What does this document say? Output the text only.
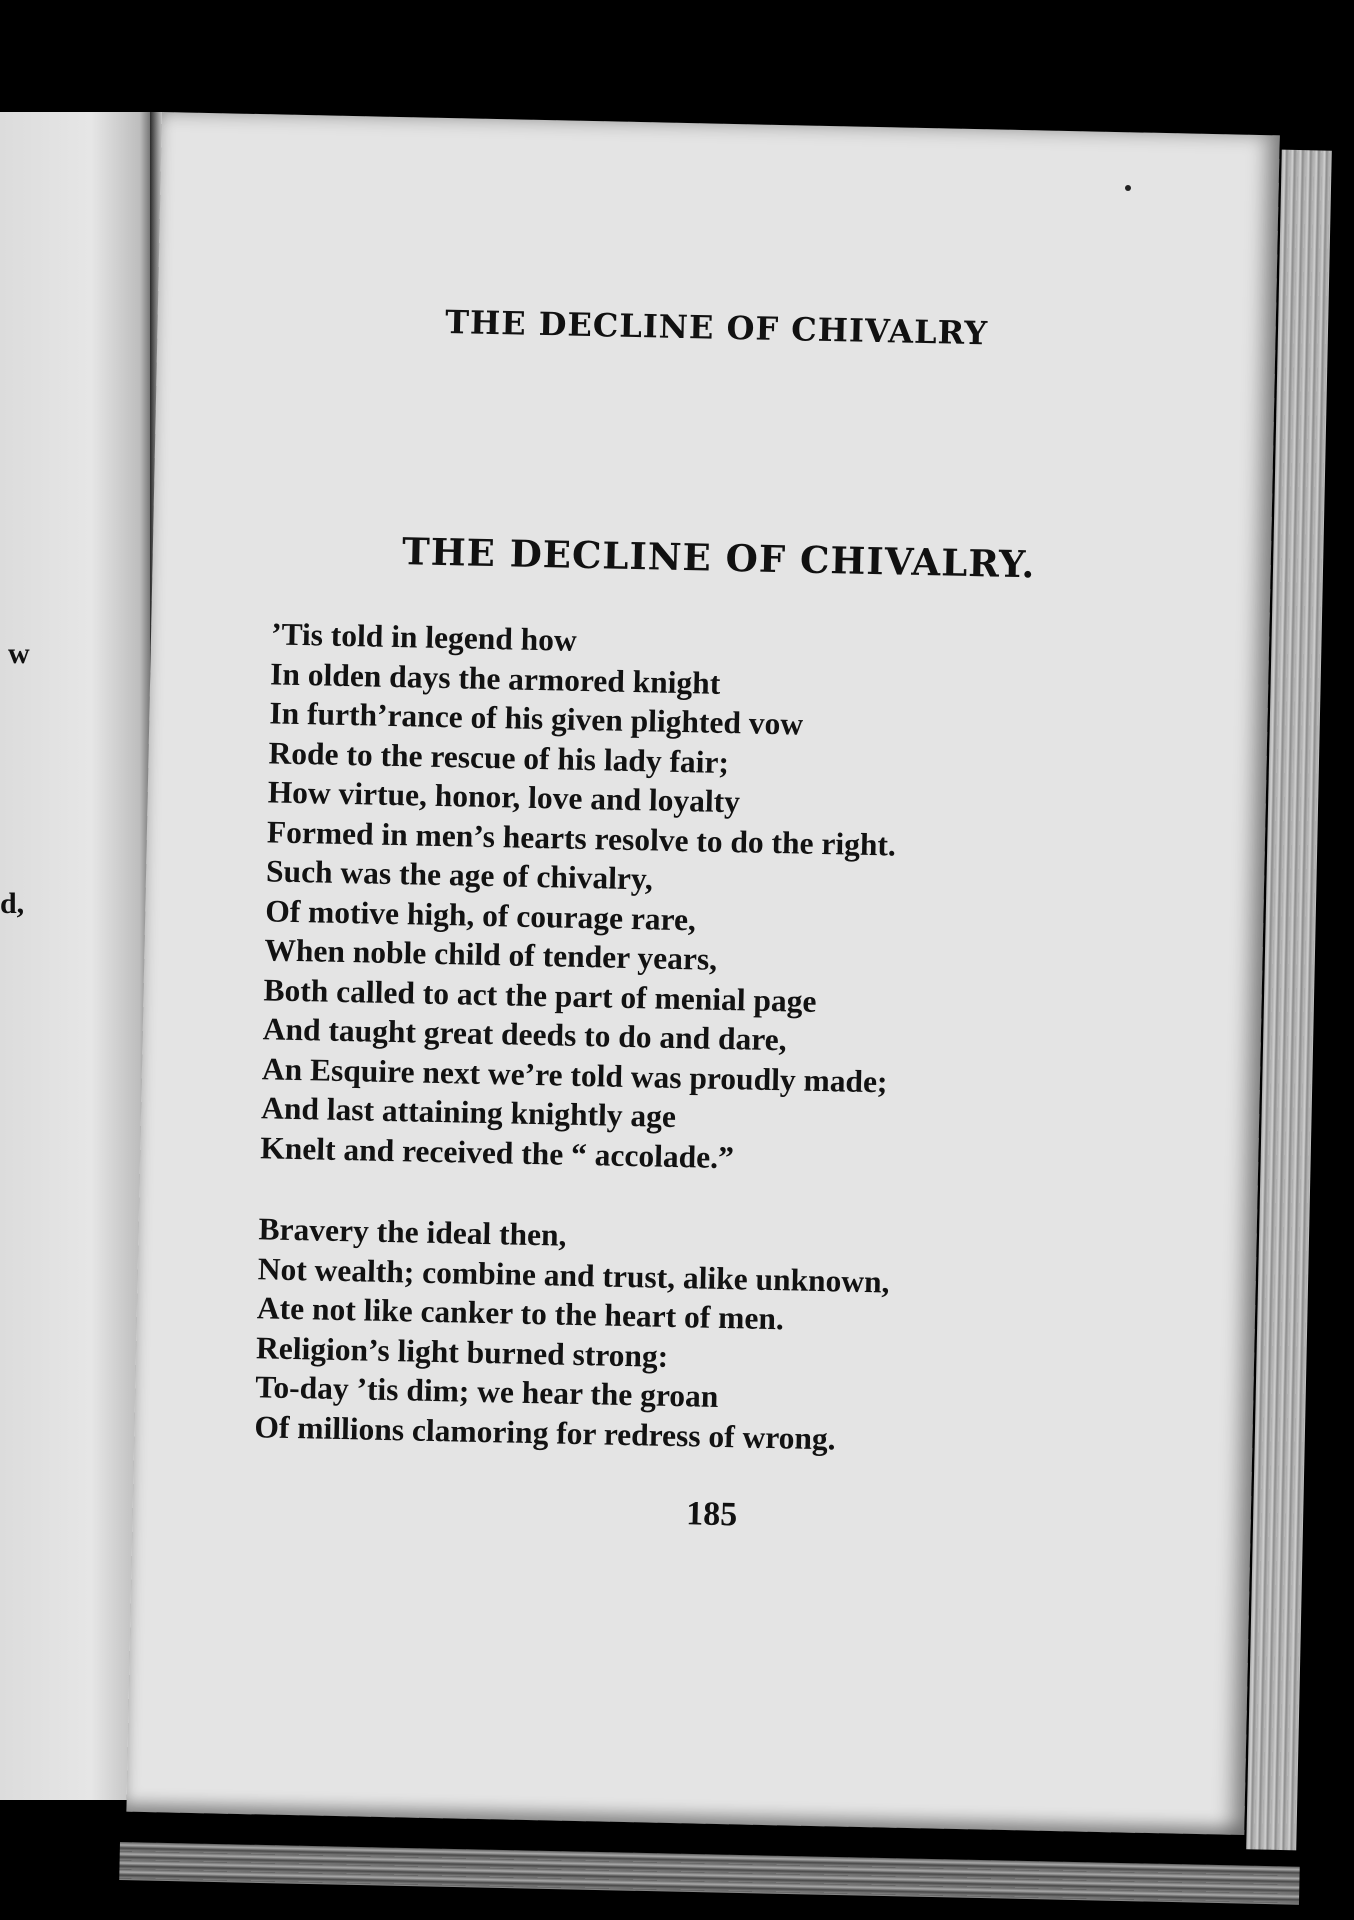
w
d,
THE DECLINE OF CHIVALRY
THE DECLINE OF CHIVALRY.
’Tis told in legend how
In olden days the armored knight
In furth’rance of his given plighted vow
Rode to the rescue of his lady fair;
How virtue, honor, love and loyalty
Formed in men’s hearts resolve to do the right.
Such was the age of chivalry,
Of motive high, of courage rare,
When noble child of tender years,
Both called to act the part of menial page
And taught great deeds to do and dare,
An Esquire next we’re told was proudly made;
And last attaining knightly age
Knelt and received the “ accolade.”
Bravery the ideal then,
Not wealth; combine and trust, alike unknown,
Ate not like canker to the heart of men.
Religion’s light burned strong:
To-day ’tis dim; we hear the groan
Of millions clamoring for redress of wrong.
185
